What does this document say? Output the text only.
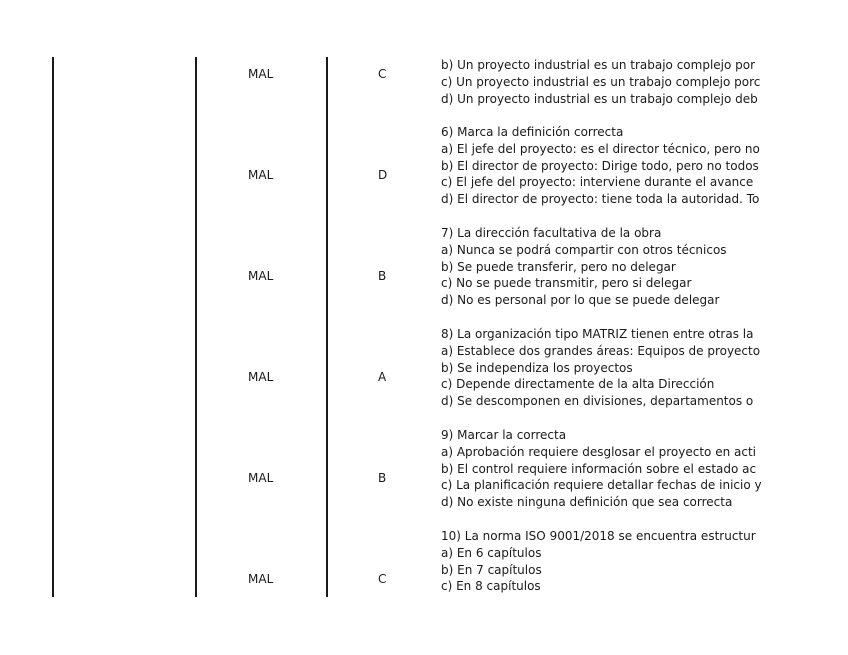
MAL	C
b) Un proyecto industrial es un trabajo complejo por
c) Un proyecto industrial es un trabajo complejo porc
d) Un proyecto industrial es un trabajo complejo deb
MAL	D
6) Marca la definición correcta
a) El jefe del proyecto: es el director técnico, pero no
b) El director de proyecto: Dirige todo, pero no todos
c) El jefe del proyecto: interviene durante el avance
d) El director de proyecto: tiene toda la autoridad. To
MAL	B
7) La dirección facultativa de la obra
a) Nunca se podrá compartir con otros técnicos
b) Se puede transferir, pero no delegar
c) No se puede transmitir, pero si delegar
d) No es personal por lo que se puede delegar
MAL	A
8) La organización tipo MATRIZ tienen entre otras la
a) Establece dos grandes áreas: Equipos de proyecto
b) Se independiza los proyectos
c) Depende directamente de la alta Dirección
d) Se descomponen en divisiones, departamentos o
MAL	B
9) Marcar la correcta
a) Aprobación requiere desglosar el proyecto en acti
b) El control requiere información sobre el estado ac
c) La planificación requiere detallar fechas de inicio y
d) No existe ninguna definición que sea correcta
MAL	C
10) La norma ISO 9001/2018 se encuentra estructur
a) En 6 capítulos
b) En 7 capítulos
c) En 8 capítulos
